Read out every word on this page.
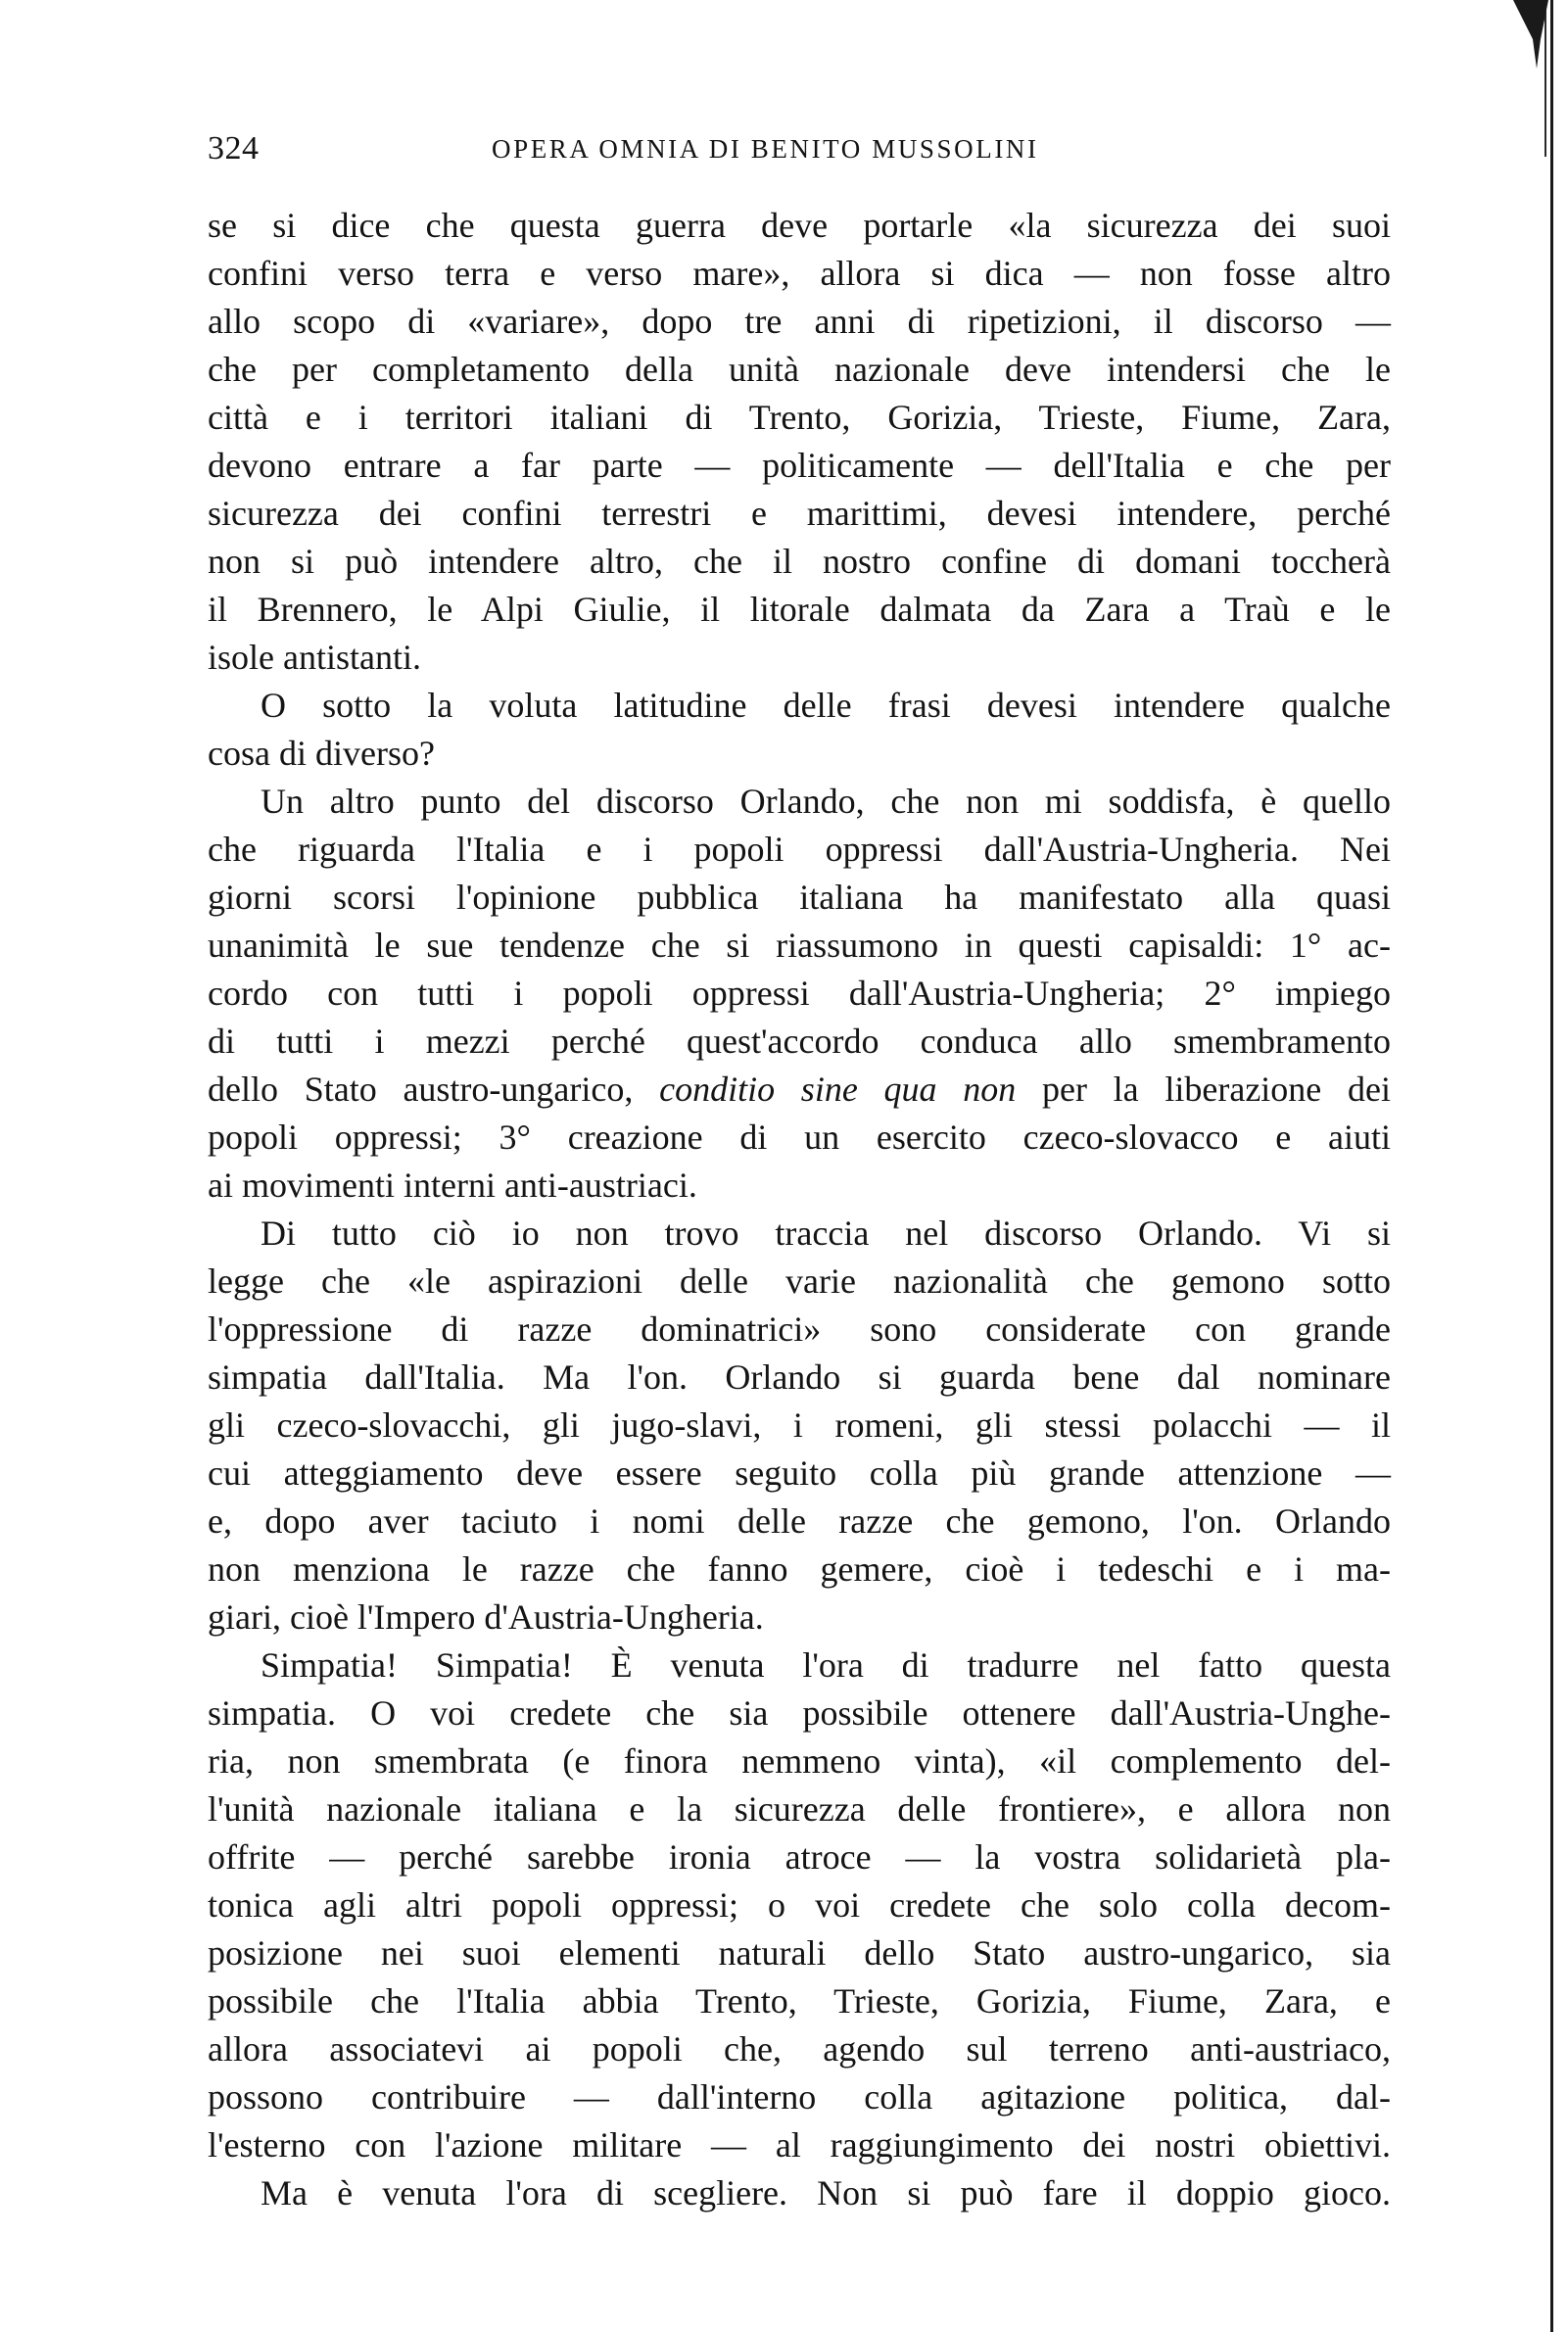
324	OPERA OMNIA DI BENITO MUSSOLINI
se si dice che questa guerra deve portarle «la sicurezza dei suoi
confini verso terra e verso mare», allora si dica — non fosse altro
allo scopo di «variare», dopo tre anni di ripetizioni, il discorso —
che per completamento della unità nazionale deve intendersi che le
città e i territori italiani di Trento, Gorizia, Trieste, Fiume, Zara,
devono entrare a far parte — politicamente — dell'Italia e che per
sicurezza dei confini terrestri e marittimi, devesi intendere, perché
non si può intendere altro, che il nostro confine di domani toccherà
il Brennero, le Alpi Giulie, il litorale dalmata da Zara a Traù e le
isole antistanti.
O sotto la voluta latitudine delle frasi devesi intendere qualche
cosa di diverso?
Un altro punto del discorso Orlando, che non mi soddisfa, è quello
che riguarda l'Italia e i popoli oppressi dall'Austria-Ungheria. Nei
giorni scorsi l'opinione pubblica italiana ha manifestato alla quasi
unanimità le sue tendenze che si riassumono in questi capisaldi: 1° ac-
cordo con tutti i popoli oppressi dall'Austria-Ungheria; 2° impiego
di tutti i mezzi perché quest'accordo conduca allo smembramento
dello Stato austro-ungarico, conditio sine qua non per la liberazione dei
popoli oppressi; 3° creazione di un esercito czeco-slovacco e aiuti
ai movimenti interni anti-austriaci.
Di tutto ciò io non trovo traccia nel discorso Orlando. Vi si
legge che «le aspirazioni delle varie nazionalità che gemono sotto
l'oppressione di razze dominatrici» sono considerate con grande
simpatia dall'Italia. Ma l'on. Orlando si guarda bene dal nominare
gli czeco-slovacchi, gli jugo-slavi, i romeni, gli stessi polacchi — il
cui atteggiamento deve essere seguito colla più grande attenzione —
e, dopo aver taciuto i nomi delle razze che gemono, l'on. Orlando
non menziona le razze che fanno gemere, cioè i tedeschi e i ma-
giari, cioè l'Impero d'Austria-Ungheria.
Simpatia! Simpatia! È venuta l'ora di tradurre nel fatto questa
simpatia. O voi credete che sia possibile ottenere dall'Austria-Unghe-
ria, non smembrata (e finora nemmeno vinta), «il complemento del-
l'unità nazionale italiana e la sicurezza delle frontiere», e allora non
offrite — perché sarebbe ironia atroce — la vostra solidarietà pla-
tonica agli altri popoli oppressi; o voi credete che solo colla decom-
posizione nei suoi elementi naturali dello Stato austro-ungarico, sia
possibile che l'Italia abbia Trento, Trieste, Gorizia, Fiume, Zara, e
allora associatevi ai popoli che, agendo sul terreno anti-austriaco,
possono contribuire — dall'interno colla agitazione politica, dal-
l'esterno con l'azione militare — al raggiungimento dei nostri obiettivi.
Ma è venuta l'ora di scegliere. Non si può fare il doppio gioco.
